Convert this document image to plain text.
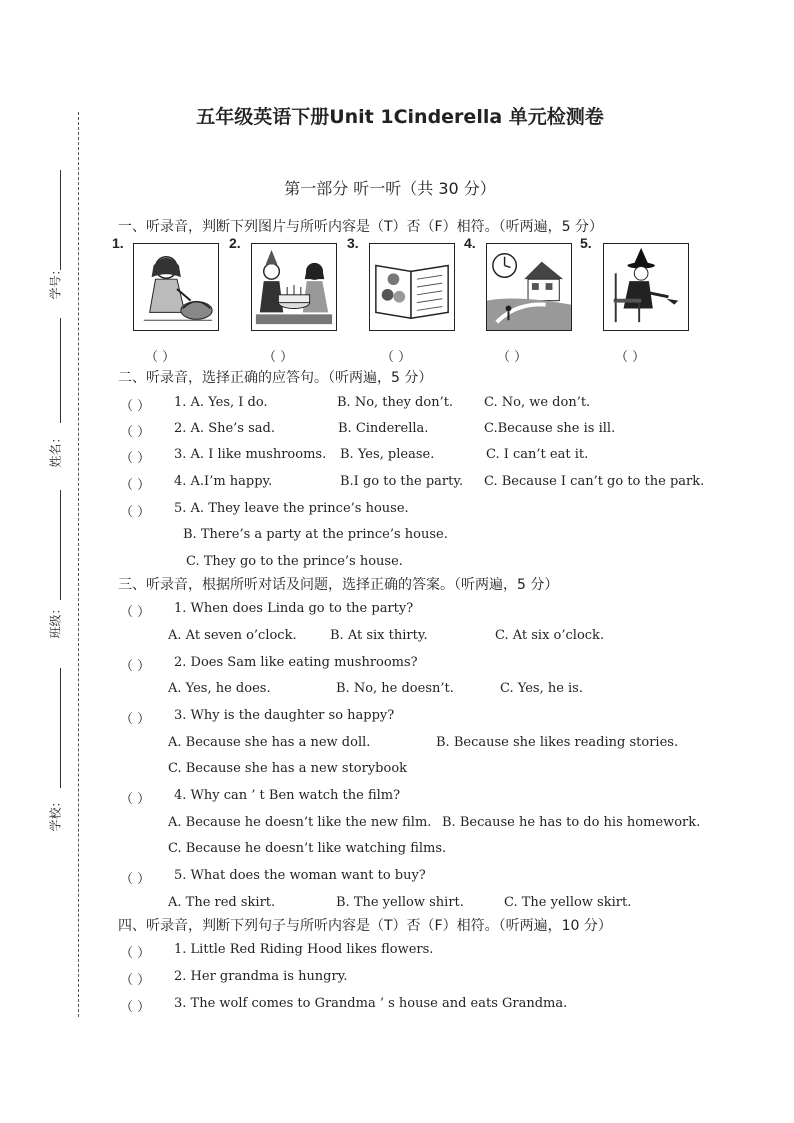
学号：
姓名：
班级：
学校：
五年级英语下册Unit 1Cinderella 单元检测卷
第一部分 听一听（共 30 分）
一、听录音，判断下列图片与所听内容是（T）否（F）相符。（听两遍，5 分）
1.	2.	3.	4.	5.
（ ）	（ ）	（ ）	（ ）	（ ）
二、听录音，选择正确的应答句。（听两遍，5 分）
（ ） 1. A. Yes, I do.	B. No, they don’t. C. No, we don’t.
（ ） 2. A. She’s sad.	B. Cinderella.	C.Because she is ill.
（ ） 3. A. I like mushrooms. B. Yes, please.	C. I can’t eat it.
（ ） 4. A.I’m happy.	B.I go to the party. C. Because I can’t go to the park.
（ ） 5. A. They leave the prince’s house.
B. There’s a party at the prince’s house.
C. They go to the prince’s house.
三、听录音，根据所听对话及问题，选择正确的答案。（听两遍，5 分）
（ ） 1. When does Linda go to the party?
A. At seven o’clock.	B. At six thirty.	C. At six o’clock.
（ ） 2. Does Sam like eating mushrooms?
A. Yes, he does.	B. No, he doesn’t.	C. Yes, he is.
（ ） 3. Why is the daughter so happy?
A. Because she has a new doll.	B. Because she likes reading stories.
C. Because she has a new storybook
（ ） 4. Why can ’ t Ben watch the film?
A. Because he doesn’t like the new film. B. Because he has to do his homework.
C. Because he doesn’t like watching films.
（ ） 5. What does the woman want to buy?
A. The red skirt.	B. The yellow shirt.	C. The yellow skirt.
四、听录音，判断下列句子与所听内容是（T）否（F）相符。（听两遍，10 分）
（ ） 1. Little Red Riding Hood likes flowers.
（ ） 2. Her grandma is hungry.
（ ） 3. The wolf comes to Grandma ’ s house and eats Grandma.
